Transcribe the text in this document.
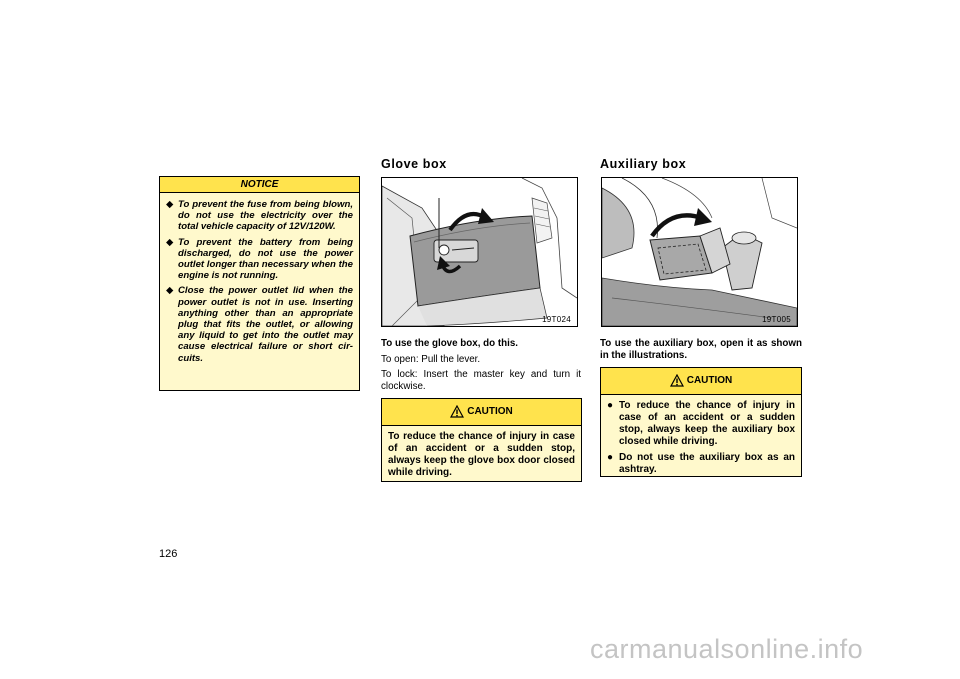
NOTICE
◆ To prevent the fuse from being blown, do not use the electricity over the total vehicle capacity of 12V/120W.
◆ To prevent the battery from being discharged, do not use the power outlet longer than necessary when the engine is not running.
◆ Close the power outlet lid when the power outlet is not in use. Inserting anything other than an appropriate plug that fits the outlet, or allowing any liquid to get into the outlet may cause electrical failure or short cir-cuits.
126
Glove box
19T024
To use the glove box, do this.
To open: Pull the lever.
To lock: Insert the master key and turn it clockwise.
CAUTION
To reduce the chance of injury in case of an accident or a sudden stop, always keep the glove box door closed while driving.
Auxiliary box
19T005
To use the auxiliary box, open it as shown in the illustrations.
CAUTION
● To reduce the chance of injury in case of an accident or a sudden stop, always keep the auxiliary box closed while driving.
● Do not use the auxiliary box as an ashtray.
carmanualsonline.info
